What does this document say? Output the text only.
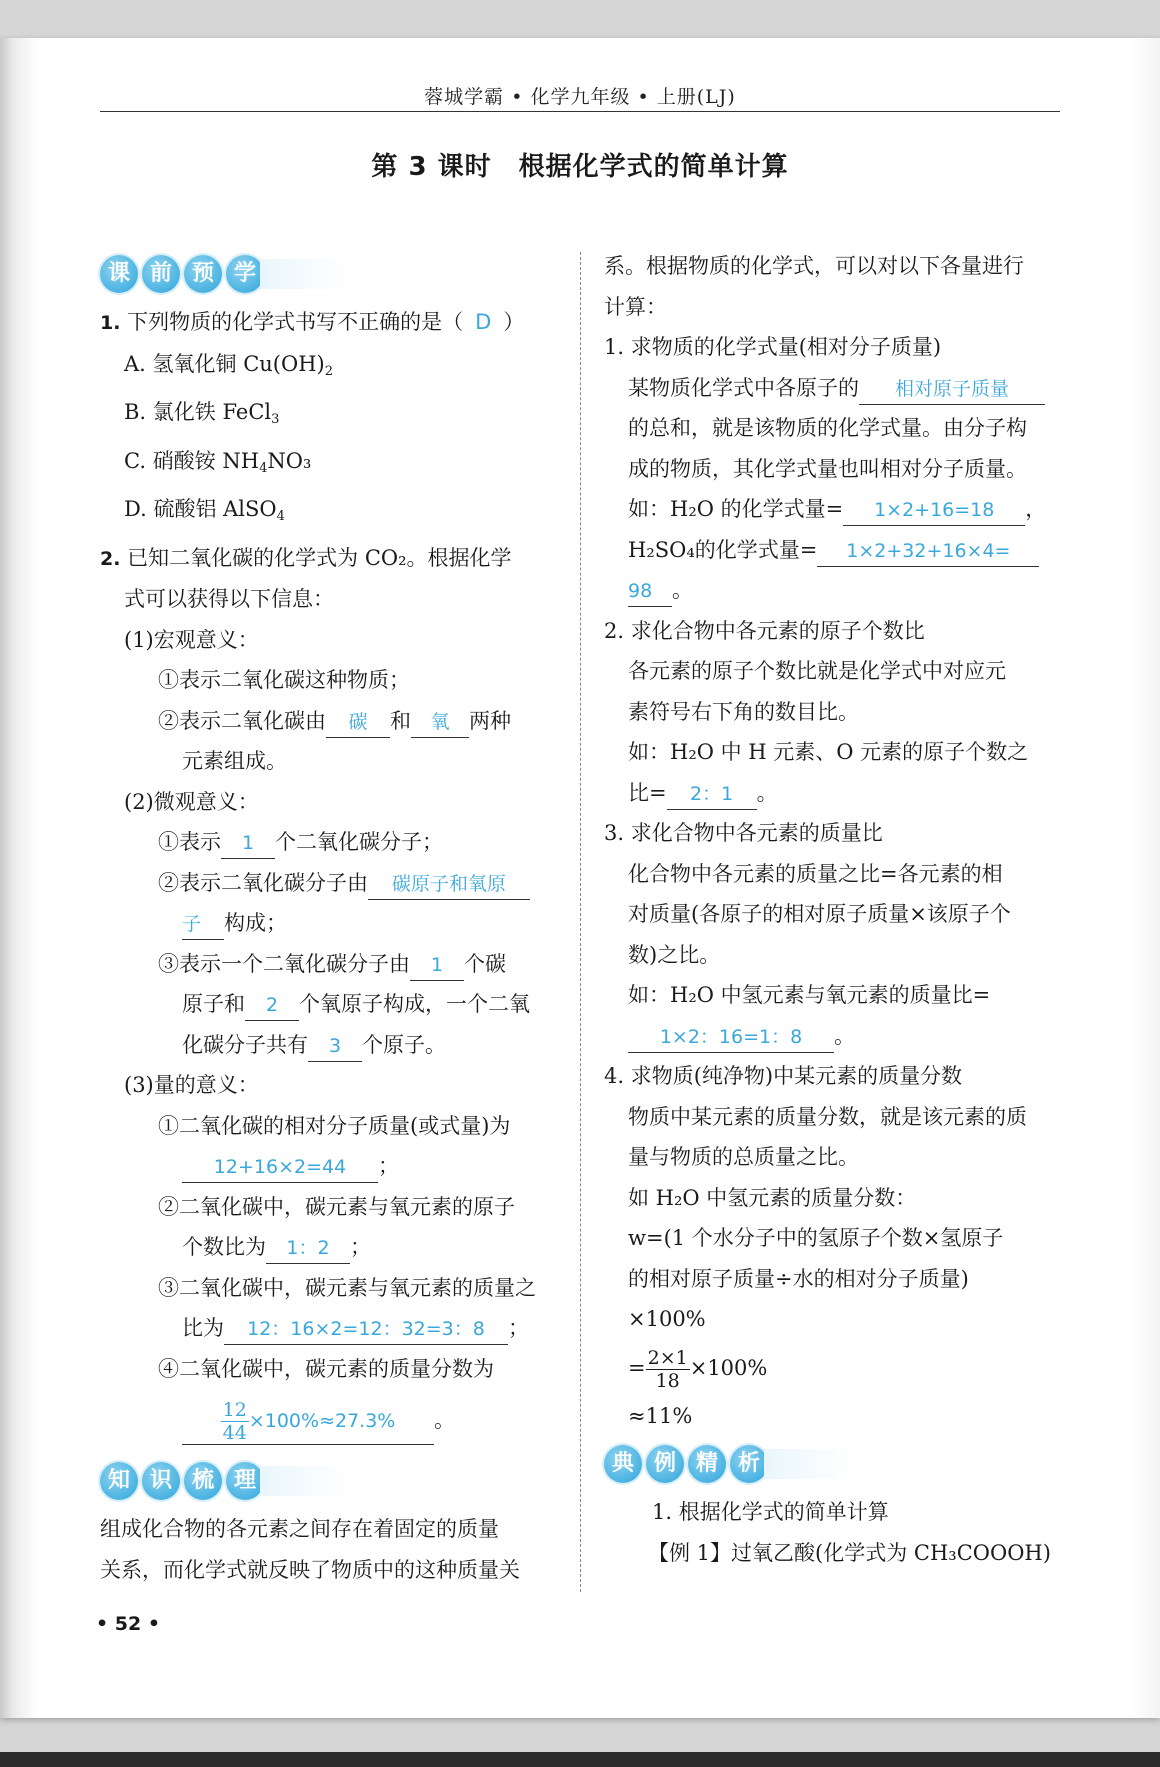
蓉城学霸 • 化学九年级 • 上册(LJ)
第 3 课时　根据化学式的简单计算
课 前 预 学
1. 下列物质的化学式书写不正确的是（ D ）
A. 氢氧化铜 $Cu(OH)_2$
B. 氯化铁 FeCl$_3$
C. 硝酸铵 $NH_4NO_3$
D. 硫酸铝 AlSO$_4$
2. 已知二氧化碳的化学式为 CO₂。根据化学
式可以获得以下信息：
(1)宏观意义：
①表示二氧化碳这种物质；
②表示二氧化碳由 碳 和 氧 两种
元素组成。
(2)微观意义：
①表示 1 个二氧化碳分子；
②表示二氧化碳分子由 碳原子和氧原
子 构成；
③表示一个二氧化碳分子由 1 个碳
原子和 2 个氧原子构成，一个二氧
化碳分子共有 3 个原子。
(3)量的意义：
①二氧化碳的相对分子质量(或式量)为
12+16×2=44 ；
②二氧化碳中，碳元素与氧元素的原子
个数比为 1：2 ；
③二氧化碳中，碳元素与氧元素的质量之
比为 12：16×2=12：32=3：8 ；
④二氧化碳中，碳元素的质量分数为
$\frac{12}{44} \times 100\%\approx 27.3\%$ 。
知 识 梳 理
组成化合物的各元素之间存在着固定的质量
关系，而化学式就反映了物质中的这种质量关
系。根据物质的化学式，可以对以下各量进行
计算：
1. 求物质的化学式量(相对分子质量)
某物质化学式中各原子的 相对原子质量
的总和，就是该物质的化学式量。由分子构
成的物质，其化学式量也叫相对分子质量。
如：H₂O 的化学式量= 1×2+16=18 ，
H₂SO₄的化学式量= 1×2+32+16×4=
98 。
2. 求化合物中各元素的原子个数比
各元素的原子个数比就是化学式中对应元
素符号右下角的数目比。
如：H₂O 中 H 元素、O 元素的原子个数之
比= 2：1 。
3. 求化合物中各元素的质量比
化合物中各元素的质量之比=各元素的相
对质量(各原子的相对原子质量×该原子个
数)之比。
如：H₂O 中氢元素与氧元素的质量比=
1×2：16=1：8 。
4. 求物质(纯净物)中某元素的质量分数
物质中某元素的质量分数，就是该元素的质
量与物质的总质量之比。
如 H₂O 中氢元素的质量分数：
w=(1 个水分子中的氢原子个数×氢原子
的相对原子质量÷水的相对分子质量)
×100%
= $\frac{2\times 1}{18} \times 100\%$
≈11%
典 例 精 析
1. 根据化学式的简单计算
【例 1】过氧乙酸(化学式为 CH₃COOOH)
• 52 •
